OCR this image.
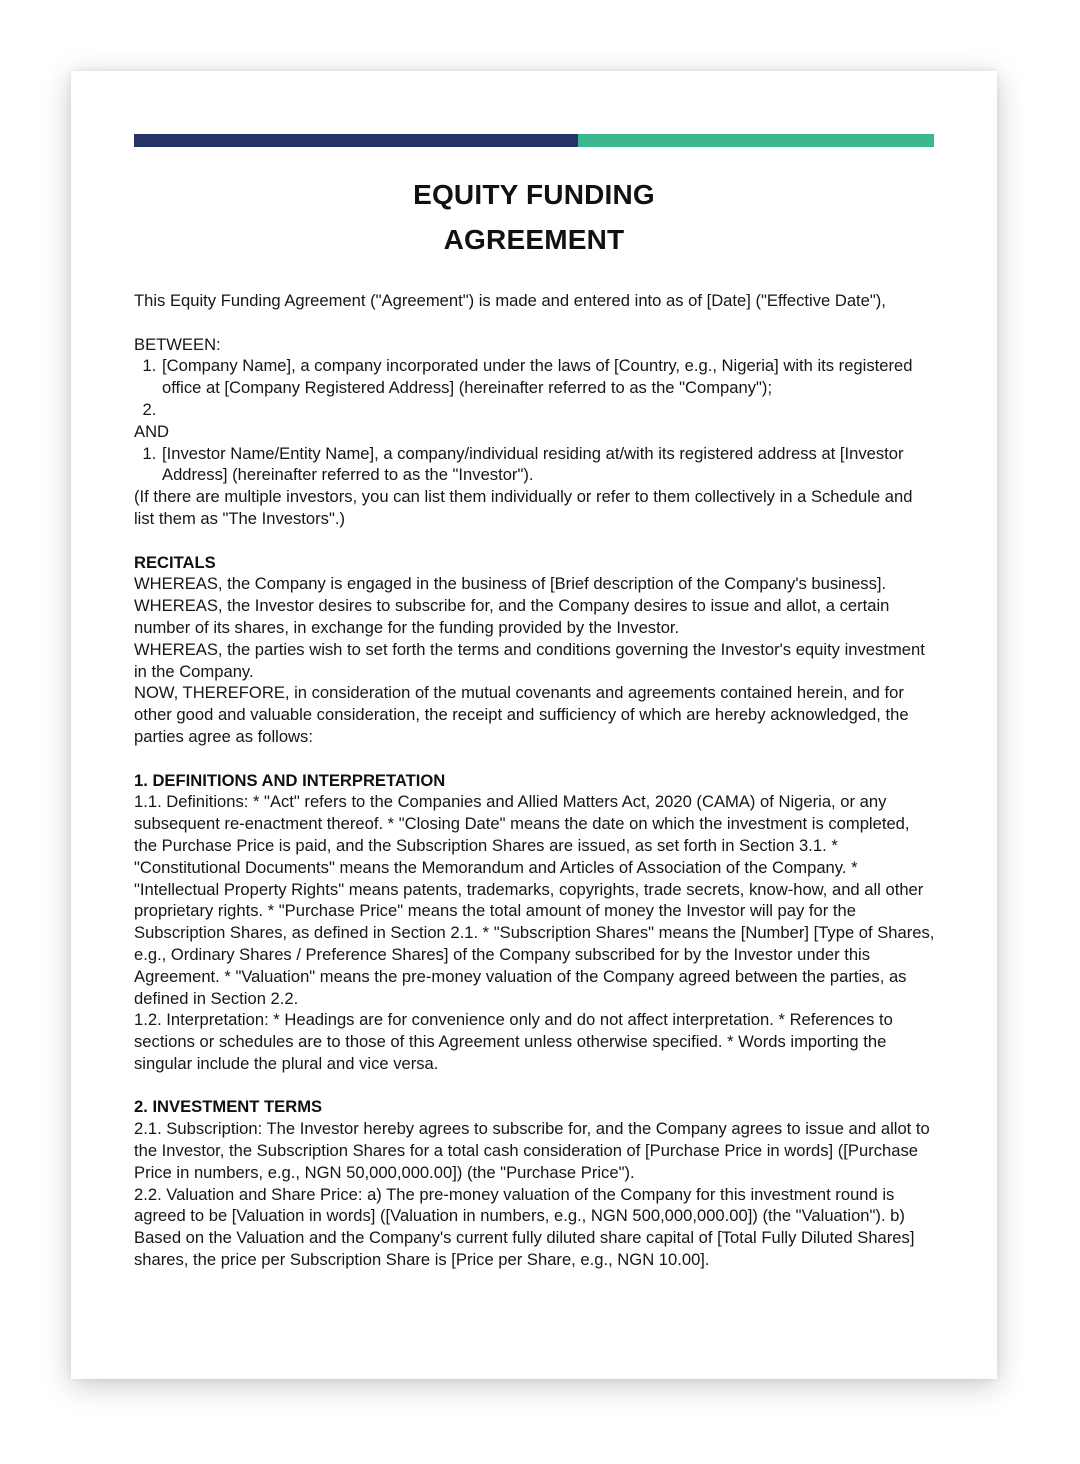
EQUITY FUNDING
AGREEMENT

This Equity Funding Agreement ("Agreement") is made and entered into as of [Date] ("Effective Date"),

BETWEEN:

1. [Company Name], a company incorporated under the laws of [Country, e.g., Nigeria] with its registered office at [Company Registered Address] (hereinafter referred to as the "Company");
2.

AND

1. [Investor Name/Entity Name], a company/individual residing at/with its registered address at [Investor Address] (hereinafter referred to as the "Investor").

(If there are multiple investors, you can list them individually or refer to them collectively in a Schedule and list them as "The Investors".)

RECITALS

WHEREAS, the Company is engaged in the business of [Brief description of the Company's business].

WHEREAS, the Investor desires to subscribe for, and the Company desires to issue and allot, a certain number of its shares, in exchange for the funding provided by the Investor.

WHEREAS, the parties wish to set forth the terms and conditions governing the Investor's equity investment in the Company.

NOW, THEREFORE, in consideration of the mutual covenants and agreements contained herein, and for other good and valuable consideration, the receipt and sufficiency of which are hereby acknowledged, the parties agree as follows:

1. DEFINITIONS AND INTERPRETATION

1.1. Definitions: * "Act" refers to the Companies and Allied Matters Act, 2020 (CAMA) of Nigeria, or any subsequent re-enactment thereof. * "Closing Date" means the date on which the investment is completed, the Purchase Price is paid, and the Subscription Shares are issued, as set forth in Section 3.1. * "Constitutional Documents" means the Memorandum and Articles of Association of the Company. * "Intellectual Property Rights" means patents, trademarks, copyrights, trade secrets, know-how, and all other proprietary rights. * "Purchase Price" means the total amount of money the Investor will pay for the Subscription Shares, as defined in Section 2.1. * "Subscription Shares" means the [Number] [Type of Shares, e.g., Ordinary Shares / Preference Shares] of the Company subscribed for by the Investor under this Agreement. * "Valuation" means the pre-money valuation of the Company agreed between the parties, as defined in Section 2.2.

1.2. Interpretation: * Headings are for convenience only and do not affect interpretation. * References to sections or schedules are to those of this Agreement unless otherwise specified. * Words importing the singular include the plural and vice versa.

2. INVESTMENT TERMS

2.1. Subscription: The Investor hereby agrees to subscribe for, and the Company agrees to issue and allot to the Investor, the Subscription Shares for a total cash consideration of [Purchase Price in words] ([Purchase Price in numbers, e.g., NGN 50,000,000.00]) (the "Purchase Price").

2.2. Valuation and Share Price: a) The pre-money valuation of the Company for this investment round is agreed to be [Valuation in words] ([Valuation in numbers, e.g., NGN 500,000,000.00]) (the "Valuation"). b) Based on the Valuation and the Company's current fully diluted share capital of [Total Fully Diluted Shares] shares, the price per Subscription Share is [Price per Share, e.g., NGN 10.00].
